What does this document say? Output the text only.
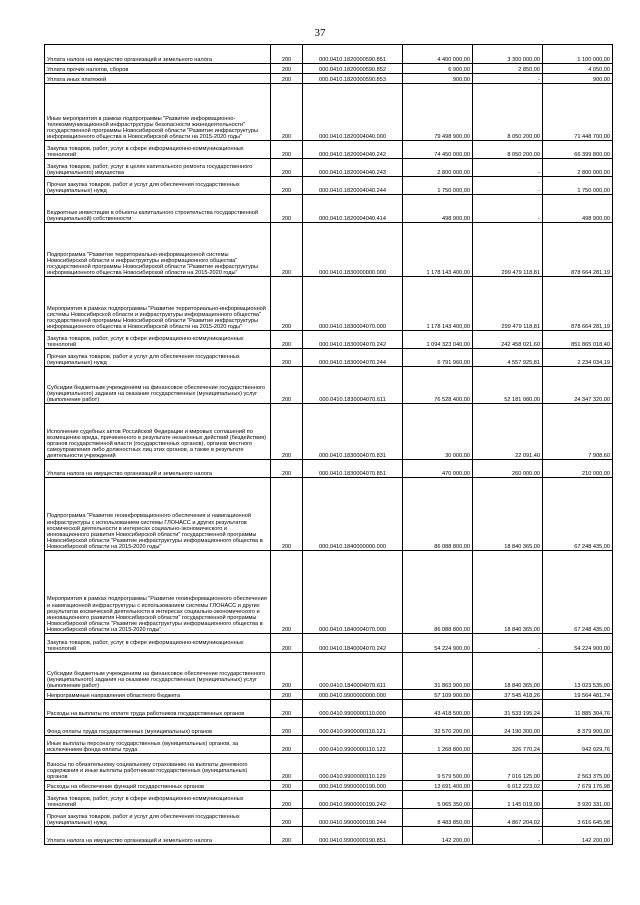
37
Уплата налога на имущество организаций и земельного налога	200	000.0410.1820000590.851	4 400 000,00	3 300 000,00	1 100 000,00
Уплата прочих налогов, сборов	200	000.0410.1820000590.852	6 900,00	2 850,00	4 050,00
Уплата иных платежей	200	000.0410.1820000590.853	900,00	-	900,00
Иные мероприятия в рамках подпрограммы "Развитие информационно-телекоммуникационной инфраструктуры безопасности жизнедеятельности" государственной программы Новосибирской области "Развитие инфраструктуры информационного общества в Новосибирской области на 2015-2020 годы"	200	000.0410.1820004040.000	79 498 900,00	8 050 200,00	71 448 700,00
Закупка товаров, работ, услуг в сфере информационно-коммуникационных технологий	200	000.0410.1820004040.242	74 450 000,00	8 050 200,00	66 399 800,00
Закупка товаров, работ, услуг в целях капитального ремонта государственного (муниципального) имущества	200	000.0410.1820004040.243	2 800 000,00	-	2 800 000,00
Прочая закупка товаров, работ и услуг для обеспечения государственных (муниципальных) нужд	200	000.0410.1820004040.244	1 750 000,00	-	1 750 000,00
Бюджетные инвестиции в объекты капитального строительства государственной (муниципальной) собственности	200	000.0410.1820004040.414	498 900,00	-	498 900,00
Подпрограмма "Развитие территориально-информационной системы Новосибирской области и инфраструктуры информационного общества" государственной программы Новосибирской области "Развитие инфраструктуры информационного общества Новосибирской области на 2015-2020 годы"	200	000.0410.1830000000.000	1 178 143 400,00	299 479 118,81	878 664 281,19
Мероприятия в рамках подпрограммы "Развитие территориально-информационной системы Новосибирской области и инфраструктуры информационного общества" государственной программы Новосибирской области "Развитие инфраструктуры информационного общества в Новосибирской области на 2015-2020 годы"	200	000.0410.1830004070.000	1 178 143 400,00	299 479 118,81	878 664 281,19
Закупка товаров, работ, услуг в сфере информационно-коммуникационных технологий	200	000.0410.1830004070.242	1 094 323 040,00	242 458 021,60	851 865 018,40
Прочая закупка товаров, работ и услуг для обеспечения государственных (муниципальных) нужд	200	000.0410.1830004070.244	6 791 960,00	4 557 925,81	2 234 034,19
Субсидии бюджетным учреждениям на финансовое обеспечение государственного (муниципального) задания на оказание государственных (муниципальных) услуг (выполнение работ)	200	000.0410.1830004070.611	76 528 400,00	52 181 080,00	24 347 320,00
Исполнение судебных актов Российской Федерации и мировых соглашений по возмещению вреда, причиненного в результате незаконных действий (бездействия) органов государственной власти (государственных органов), органов местного самоуправления либо должностных лиц этих органов, а также в результате деятельности учреждений	200	000.0410.1830004070.831	30 000,00	22 091,40	7 908,60
Уплата налога на имущество организаций и земельного налога	200	000.0410.1830004070.851	470 000,00	260 000,00	210 000,00
Подпрограмма "Развитие геоинформационного обеспечения и навигационной инфраструктуры с использованием системы ГЛОНАСС и других результатов космической деятельности в интересах социально-экономического и инновационного развития Новосибирской области" государственной программы Новосибирской области "Развитие инфраструктуры информационного общества в Новосибирской области на 2015-2020 годы"	200	000.0410.1840000000.000	86 088 800,00	18 840 365,00	67 248 435,00
Мероприятия в рамках подпрограммы "Развитие геоинформационного обеспечения и навигационной инфраструктуры с использованием системы ГЛОНАСС и других результатов космической деятельности в интересах социально-экономического и инновационного развития Новосибирской области" государственной программы Новосибирской области "Развитие инфраструктуры информационного общества в Новосибирской области на 2015-2020 годы"	200	000.0410.1840004070.000	86 088 800,00	18 840 365,00	67 248 435,00
Закупка товаров, работ, услуг в сфере информационно-коммуникационных технологий	200	000.0410.1840004070.242	54 224 900,00	-	54 224 900,00
Субсидии бюджетным учреждениям на финансовое обеспечение государственного (муниципального) задания на оказание государственных (муниципальных) услуг (выполнение работ)	200	000.0410.1840004070.611	31 863 900,00	18 840 365,00	13 023 535,00
Непрограммные направления областного бюджета	200	000.0410.9900000000.000	57 109 900,00	37 545 418,26	19 564 481,74
Расходы на выплаты по оплате труда работников государственных органов	200	000.0410.9900000110.000	43 418 500,00	31 533 195,24	11 885 304,76
Фонд оплаты труда государственных (муниципальных) органов	200	000.0410.9900000110.121	32 570 200,00	24 190 300,00	8 379 900,00
Иные выплаты персоналу государственных (муниципальных) органов, за исключением фонда оплаты труда	200	000.0410.9900000110.122	1 268 800,00	326 770,24	942 029,76
Взносы по обязательному социальному страхованию на выплаты денежного содержания и иные выплаты работникам государственных (муниципальных) органов	200	000.0410.9900000110.129	9 579 500,00	7 016 125,00	2 563 375,00
Расходы на обеспечение функций государственных органов	200	000.0410.9900000190.000	13 691 400,00	6 012 223,02	7 679 176,98
Закупка товаров, работ, услуг в сфере информационно-коммуникационных технологий	200	000.0410.9900000190.242	5 065 350,00	1 145 019,00	3 920 331,00
Прочая закупка товаров, работ и услуг для обеспечения государственных (муниципальных) нужд	200	000.0410.9900000190.244	8 483 850,00	4 867 204,02	3 616 645,98
Уплата налога на имущество организаций и земельного налога	200	000.0410.9900000190.851	142 200,00	-	142 200,00
